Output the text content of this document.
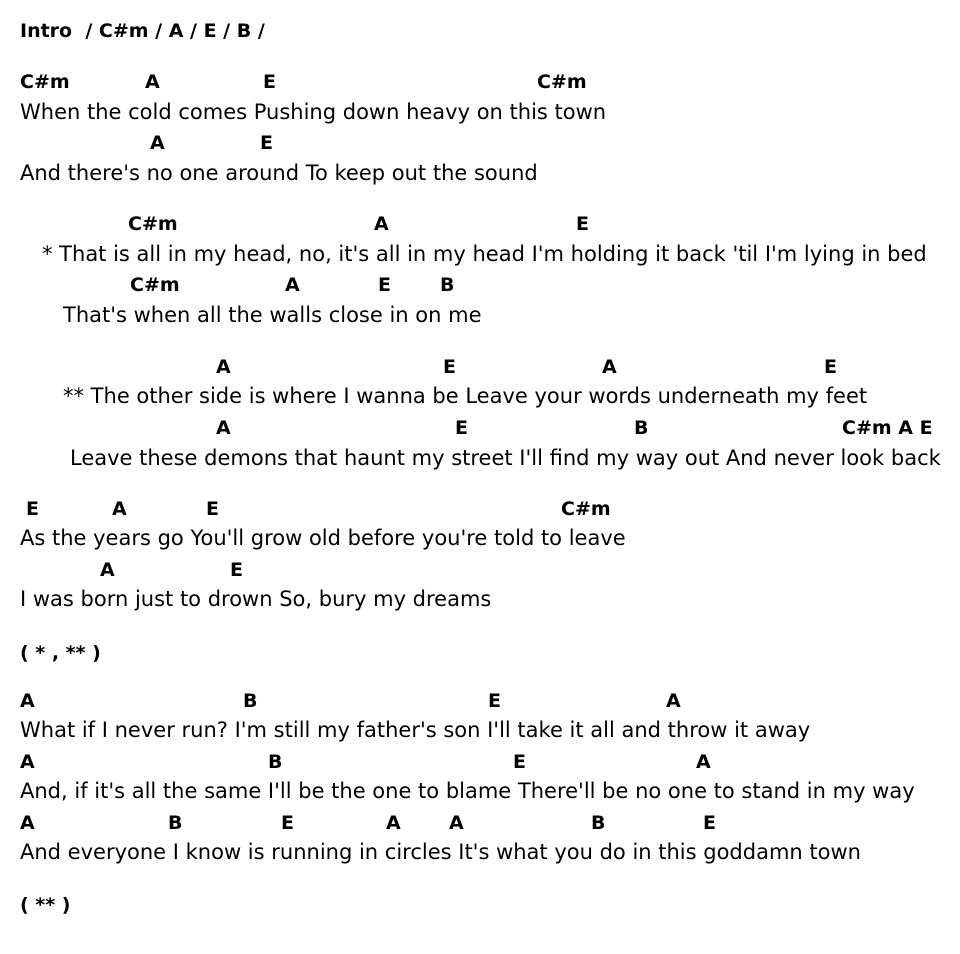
Intro  / C#m / A / E / B /
C#m	A	E	C#m
When the cold comes Pushing down heavy on this town
A	E
And there's no one around To keep out the sound
C#m	A	E
* That is all in my head, no, it's all in my head I'm holding it back 'til I'm lying in bed
C#m	A	E	B
That's when all the walls close in on me
A	E	A	E
** The other side is where I wanna be Leave your words underneath my feet
A	E	B	C#m A E
Leave these demons that haunt my street I'll find my way out And never look back
E	A	E	C#m
As the years go You'll grow old before you're told to leave
A	E
I was born just to drown So, bury my dreams
( * , ** )
A	B	E	A
What if I never run? I'm still my father's son I'll take it all and throw it away
A	B	E	A
And, if it's all the same I'll be the one to blame There'll be no one to stand in my way
A	B	E	A	A	B	E
And everyone I know is running in circles It's what you do in this goddamn town
( ** )
